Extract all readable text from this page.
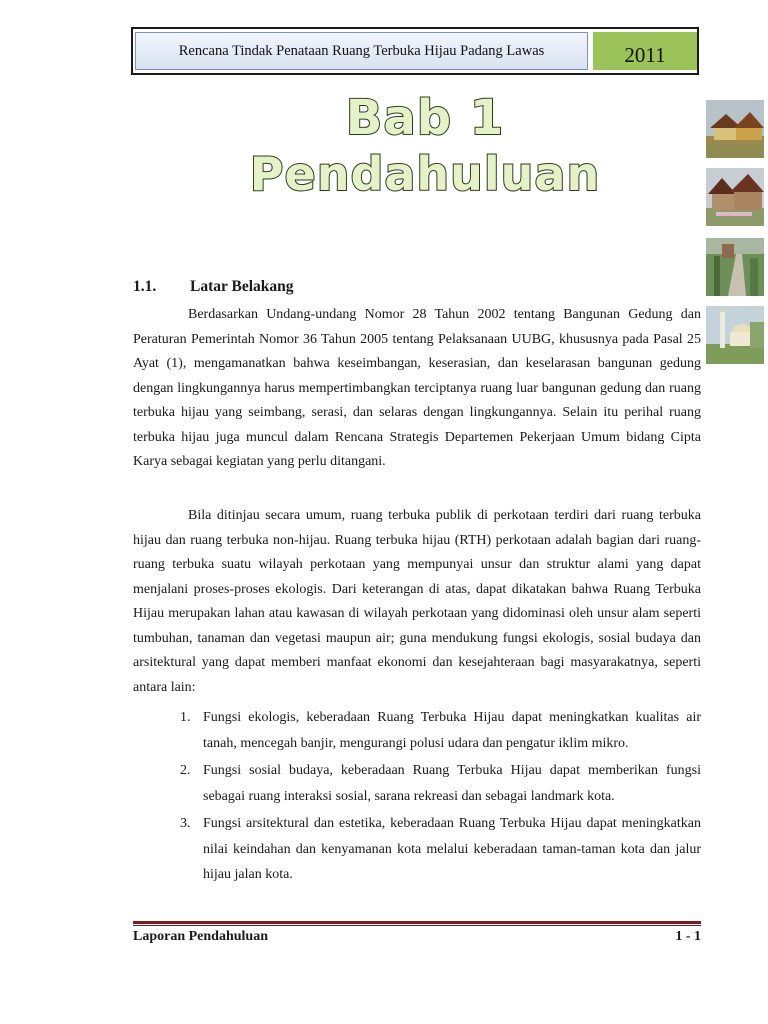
Rencana Tindak Penataan Ruang Terbuka Hijau Padang Lawas	2011
Bab 1
Pendahuluan
1.1. Latar Belakang

Berdasarkan Undang-undang Nomor 28 Tahun 2002 tentang Bangunan Gedung dan Peraturan Pemerintah Nomor 36 Tahun 2005 tentang Pelaksanaan UUBG, khususnya pada Pasal 25 Ayat (1), mengamanatkan bahwa keseimbangan, keserasian, dan keselarasan bangunan gedung dengan lingkungannya harus mempertimbangkan terciptanya ruang luar bangunan gedung dan ruang terbuka hijau yang seimbang, serasi, dan selaras dengan lingkungannya. Selain itu perihal ruang terbuka hijau juga muncul dalam Rencana Strategis Departemen Pekerjaan Umum bidang Cipta Karya sebagai kegiatan yang perlu ditangani.

Bila ditinjau secara umum, ruang terbuka publik di perkotaan terdiri dari ruang terbuka hijau dan ruang terbuka non-hijau. Ruang terbuka hijau (RTH) perkotaan adalah bagian dari ruang-ruang terbuka suatu wilayah perkotaan yang mempunyai unsur dan struktur alami yang dapat menjalani proses-proses ekologis. Dari keterangan di atas, dapat dikatakan bahwa Ruang Terbuka Hijau merupakan lahan atau kawasan di wilayah perkotaan yang didominasi oleh unsur alam seperti tumbuhan, tanaman dan vegetasi maupun air; guna mendukung fungsi ekologis, sosial budaya dan arsitektural yang dapat memberi manfaat ekonomi dan kesejahteraan bagi masyarakatnya, seperti antara lain:

1. Fungsi ekologis, keberadaan Ruang Terbuka Hijau dapat meningkatkan kualitas air tanah, mencegah banjir, mengurangi polusi udara dan pengatur iklim mikro.
2. Fungsi sosial budaya, keberadaan Ruang Terbuka Hijau dapat memberikan fungsi sebagai ruang interaksi sosial, sarana rekreasi dan sebagai landmark kota.
3. Fungsi arsitektural dan estetika, keberadaan Ruang Terbuka Hijau dapat meningkatkan nilai keindahan dan kenyamanan kota melalui keberadaan taman-taman kota dan jalur hijau jalan kota.
Laporan Pendahuluan	1 - 1
